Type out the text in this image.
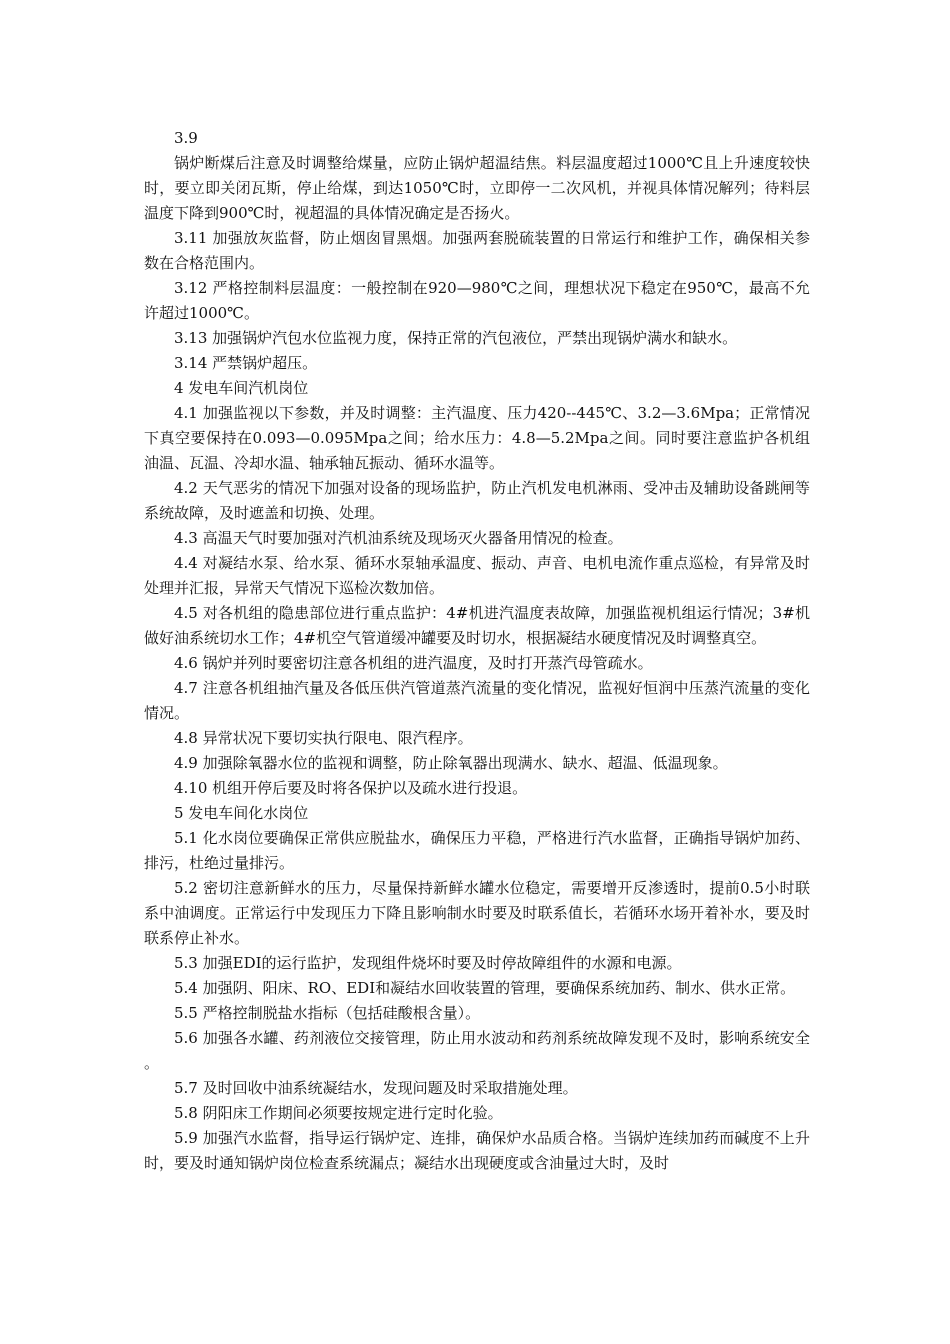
3.9

锅炉断煤后注意及时调整给煤量，应防止锅炉超温结焦。料层温度超过1000℃且上升速度较快时，要立即关闭瓦斯，停止给煤，到达1050℃时，立即停一二次风机，并视具体情况解列；待料层温度下降到900℃时，视超温的具体情况确定是否扬火。

3.11 加强放灰监督，防止烟囱冒黑烟。加强两套脱硫装置的日常运行和维护工作，确保相关参数在合格范围内。

3.12 严格控制料层温度：一般控制在920—980℃之间，理想状况下稳定在950℃，最高不允许超过1000℃。

3.13 加强锅炉汽包水位监视力度，保持正常的汽包液位，严禁出现锅炉满水和缺水。

3.14 严禁锅炉超压。

4 发电车间汽机岗位

4.1 加强监视以下参数，并及时调整：主汽温度、压力420--445℃、3.2—3.6Mpa；正常情况下真空要保持在0.093—0.095Mpa之间；给水压力：4.8—5.2Mpa之间。同时要注意监护各机组油温、瓦温、冷却水温、轴承轴瓦振动、循环水温等。

4.2 天气恶劣的情况下加强对设备的现场监护，防止汽机发电机淋雨、受冲击及辅助设备跳闸等系统故障，及时遮盖和切换、处理。

4.3 高温天气时要加强对汽机油系统及现场灭火器备用情况的检查。

4.4 对凝结水泵、给水泵、循环水泵轴承温度、振动、声音、电机电流作重点巡检，有异常及时处理并汇报，异常天气情况下巡检次数加倍。

4.5 对各机组的隐患部位进行重点监护：4#机进汽温度表故障，加强监视机组运行情况；3#机做好油系统切水工作；4#机空气管道缓冲罐要及时切水，根据凝结水硬度情况及时调整真空。

4.6 锅炉并列时要密切注意各机组的进汽温度，及时打开蒸汽母管疏水。

4.7 注意各机组抽汽量及各低压供汽管道蒸汽流量的变化情况，监视好恒润中压蒸汽流量的变化情况。

4.8 异常状况下要切实执行限电、限汽程序。

4.9 加强除氧器水位的监视和调整，防止除氧器出现满水、缺水、超温、低温现象。

4.10 机组开停后要及时将各保护以及疏水进行投退。

5 发电车间化水岗位

5.1 化水岗位要确保正常供应脱盐水，确保压力平稳，严格进行汽水监督，正确指导锅炉加药、排污，杜绝过量排污。

5.2 密切注意新鲜水的压力，尽量保持新鲜水罐水位稳定，需要增开反渗透时，提前0.5小时联系中油调度。正常运行中发现压力下降且影响制水时要及时联系值长，若循环水场开着补水，要及时联系停止补水。

5.3 加强EDI的运行监护，发现组件烧坏时要及时停故障组件的水源和电源。

5.4 加强阴、阳床、RO、EDI和凝结水回收装置的管理，要确保系统加药、制水、供水正常。

5.5 严格控制脱盐水指标（包括硅酸根含量）。

5.6 加强各水罐、药剂液位交接管理，防止用水波动和药剂系统故障发现不及时，影响系统安全。

5.7 及时回收中油系统凝结水，发现问题及时采取措施处理。

5.8 阴阳床工作期间必须要按规定进行定时化验。

5.9 加强汽水监督，指导运行锅炉定、连排，确保炉水品质合格。当锅炉连续加药而碱度不上升时，要及时通知锅炉岗位检查系统漏点；凝结水出现硬度或含油量过大时，及时
